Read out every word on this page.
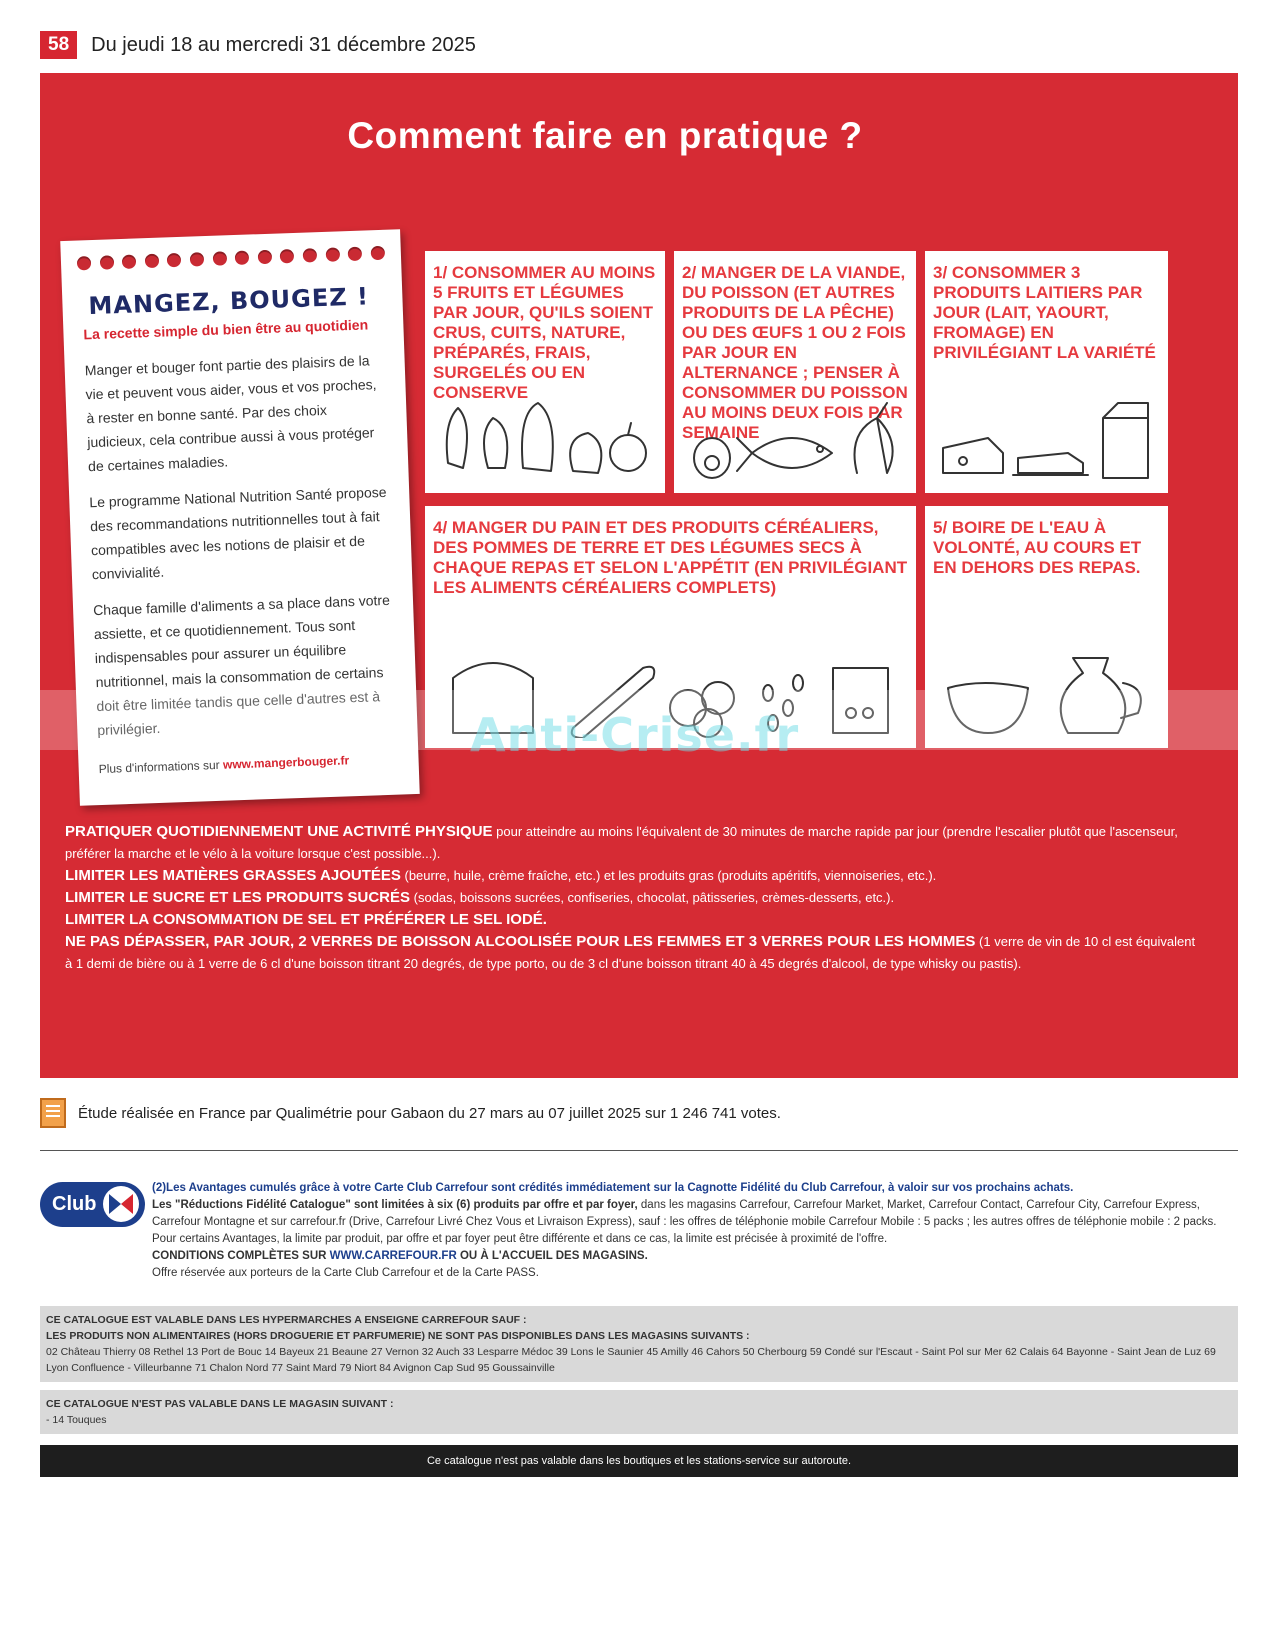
58	Du jeudi 18 au mercredi 31 décembre 2025
Comment faire en pratique ?
MANGEZ, BOUGEZ !
La recette simple du bien être au quotidien

Manger et bouger font partie des plaisirs de la vie et peuvent vous aider, vous et vos proches, à rester en bonne santé. Par des choix judicieux, cela contribue aussi à vous protéger de certaines maladies.

Le programme National Nutrition Santé propose des recommandations nutritionnelles tout à fait compatibles avec les notions de plaisir et de convivialité.

Chaque famille d'aliments a sa place dans votre assiette, et ce quotidiennement. Tous sont indispensables pour assurer un équilibre nutritionnel, mais la consommation de certains doit être limitée tandis que celle d'autres est à privilégier.

Plus d'informations sur www.mangerbouger.fr
1/ CONSOMMER AU MOINS 5 FRUITS ET LÉGUMES PAR JOUR, QU'ILS SOIENT CRUS, CUITS, NATURE, PRÉPARÉS, FRAIS, SURGELÉS OU EN CONSERVE
2/ MANGER DE LA VIANDE, DU POISSON (ET AUTRES PRODUITS DE LA PÊCHE) OU DES ŒUFS 1 OU 2 FOIS PAR JOUR EN ALTERNANCE ; PENSER À CONSOMMER DU POISSON AU MOINS DEUX FOIS PAR SEMAINE
3/ CONSOMMER 3 PRODUITS LAITIERS PAR JOUR (LAIT, YAOURT, FROMAGE) EN PRIVILÉGIANT LA VARIÉTÉ
4/ MANGER DU PAIN ET DES PRODUITS CÉRÉALIERS, DES POMMES DE TERRE ET DES LÉGUMES SECS À CHAQUE REPAS ET SELON L'APPÉTIT (EN PRIVILÉGIANT LES ALIMENTS CÉRÉALIERS COMPLETS)
5/ BOIRE DE L'EAU À VOLONTÉ, AU COURS ET EN DEHORS DES REPAS.
PRATIQUER QUOTIDIENNEMENT UNE ACTIVITÉ PHYSIQUE pour atteindre au moins l'équivalent de 30 minutes de marche rapide par jour (prendre l'escalier plutôt que l'ascenseur, préférer la marche et le vélo à la voiture lorsque c'est possible...).
LIMITER LES MATIÈRES GRASSES AJOUTÉES (beurre, huile, crème fraîche, etc.) et les produits gras (produits apéritifs, viennoiseries, etc.).
LIMITER LE SUCRE ET LES PRODUITS SUCRÉS (sodas, boissons sucrées, confiseries, chocolat, pâtisseries, crèmes-desserts, etc.).
LIMITER LA CONSOMMATION DE SEL ET PRÉFÉRER LE SEL IODÉ.
NE PAS DÉPASSER, PAR JOUR, 2 VERRES DE BOISSON ALCOOLISÉE POUR LES FEMMES ET 3 VERRES POUR LES HOMMES (1 verre de vin de 10 cl est équivalent à 1 demi de bière ou à 1 verre de 6 cl d'une boisson titrant 20 degrés, de type porto, ou de 3 cl d'une boisson titrant 40 à 45 degrés d'alcool, de type whisky ou pastis).
Anti-Crise.fr
Étude réalisée en France par Qualimétrie pour Gabaon du 27 mars au 07 juillet 2025 sur 1 246 741 votes.
Club
(2)Les Avantages cumulés grâce à votre Carte Club Carrefour sont crédités immédiatement sur la Cagnotte Fidélité du Club Carrefour, à valoir sur vos prochains achats.
Les "Réductions Fidélité Catalogue" sont limitées à six (6) produits par offre et par foyer, dans les magasins Carrefour, Carrefour Market, Market, Carrefour Contact, Carrefour City, Carrefour Express, Carrefour Montagne et sur carrefour.fr (Drive, Carrefour Livré Chez Vous et Livraison Express), sauf : les offres de téléphonie mobile Carrefour Mobile : 5 packs ; les autres offres de téléphonie mobile : 2 packs.
Pour certains Avantages, la limite par produit, par offre et par foyer peut être différente et dans ce cas, la limite est précisée à proximité de l'offre.
CONDITIONS COMPLÈTES SUR WWW.CARREFOUR.FR OU À L'ACCUEIL DES MAGASINS.
Offre réservée aux porteurs de la Carte Club Carrefour et de la Carte PASS.
CE CATALOGUE EST VALABLE DANS LES HYPERMARCHES A ENSEIGNE CARREFOUR SAUF :
LES PRODUITS NON ALIMENTAIRES (HORS DROGUERIE ET PARFUMERIE) NE SONT PAS DISPONIBLES DANS LES MAGASINS SUIVANTS :
02 Château Thierry 08 Rethel 13 Port de Bouc 14 Bayeux 21 Beaune 27 Vernon 32 Auch 33 Lesparre Médoc 39 Lons le Saunier 45 Amilly 46 Cahors 50 Cherbourg 59 Condé sur l'Escaut - Saint Pol sur Mer 62 Calais 64 Bayonne - Saint Jean de Luz 69 Lyon Confluence - Villeurbanne 71 Chalon Nord 77 Saint Mard 79 Niort 84 Avignon Cap Sud 95 Goussainville
CE CATALOGUE N'EST PAS VALABLE DANS LE MAGASIN SUIVANT :
- 14 Touques
Ce catalogue n'est pas valable dans les boutiques et les stations-service sur autoroute.
